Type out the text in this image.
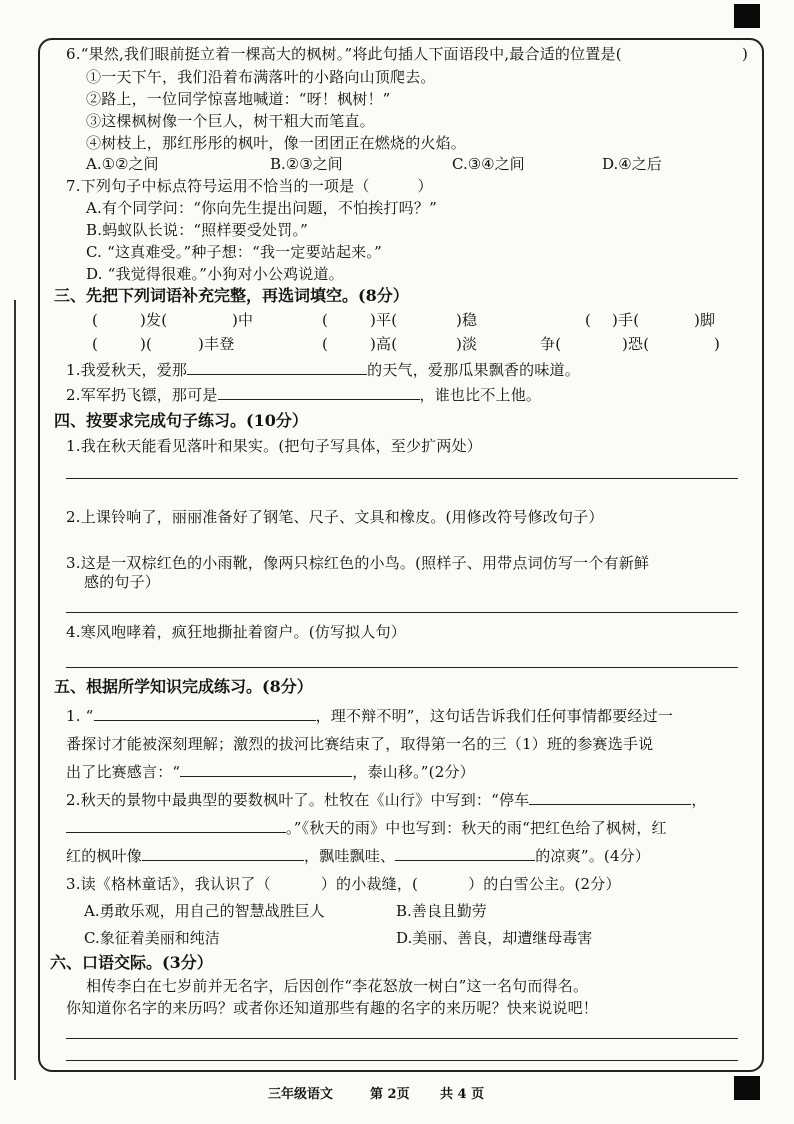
6.“果然,我们眼前挺立着一棵高大的枫树。”将此句插人下面语段中,最合适的位置是(	)
①一天下午，我们沿着布满落叶的小路向山顶爬去。
②路上，一位同学惊喜地喊道：“呀！枫树！”
③这棵枫树像一个巨人，树干粗大而笔直。
④树枝上，那红彤彤的枫叶，像一团团正在燃烧的火焰。
A.①②之间	B.②③之间	C.③④之间	D.④之后
7.下列句子中标点符号运用不恰当的一项是（	）
A.有个同学问：“你向先生提出问题，不怕挨打吗？”
B.蚂蚁队长说：“照样要受处罚。”
C. “这真难受。”种子想：“我一定要站起来。”
D. “我觉得很难。”小狗对小公鸡说道。
三、先把下列词语补充完整，再选词填空。(8分）
(	)发(	)中	(	)平(	)稳	( )手(	)脚
(	)(	)丰登	(	)高(	)淡	争(	)恐(	)
1.我爱秋天，爱那	的天气，爱那瓜果飘香的味道。
2.军军扔飞镖，那可是	，谁也比不上他。
四、按要求完成句子练习。(10分）
1.我在秋天能看见落叶和果实。(把句子写具体，至少扩两处）
2.上课铃响了，丽丽准备好了钢笔、尺子、文具和橡皮。(用修改符号修改句子）
3.这是一双棕红色的小雨靴，像两只棕红色的小鸟。(照样子、用带点词仿写一个有新鲜
感的句子）
4.寒风咆哮着，疯狂地撕扯着窗户。(仿写拟人句）
五、根据所学知识完成练习。(8分）
1. “	，理不辩不明”，这句话告诉我们任何事情都要经过一
番探讨才能被深刻理解；激烈的拔河比赛结束了，取得第一名的三（1）班的参赛选手说
出了比赛感言：“	，泰山移。”(2分）
2.秋天的景物中最典型的要数枫叶了。杜牧在《山行》中写到：“停车	，
。”《秋天的雨》中也写到：秋天的雨“把红色给了枫树，红
红的枫叶像	，飘哇飘哇、	的凉爽”。(4分）
3.读《格林童话》，我认识了（	）的小裁缝，(	）的白雪公主。(2分）
A.勇敢乐观，用自己的智慧战胜巨人	B.善良且勤劳
C.象征着美丽和纯洁	D.美丽、善良，却遭继母毒害
六、口语交际。(3分）
相传李白在七岁前并无名字，后因创作“李花怒放一树白”这一名句而得名。
你知道你名字的来历吗？或者你还知道那些有趣的名字的来历呢？快来说说吧！
三年级语文	第 2页 共 4 页
